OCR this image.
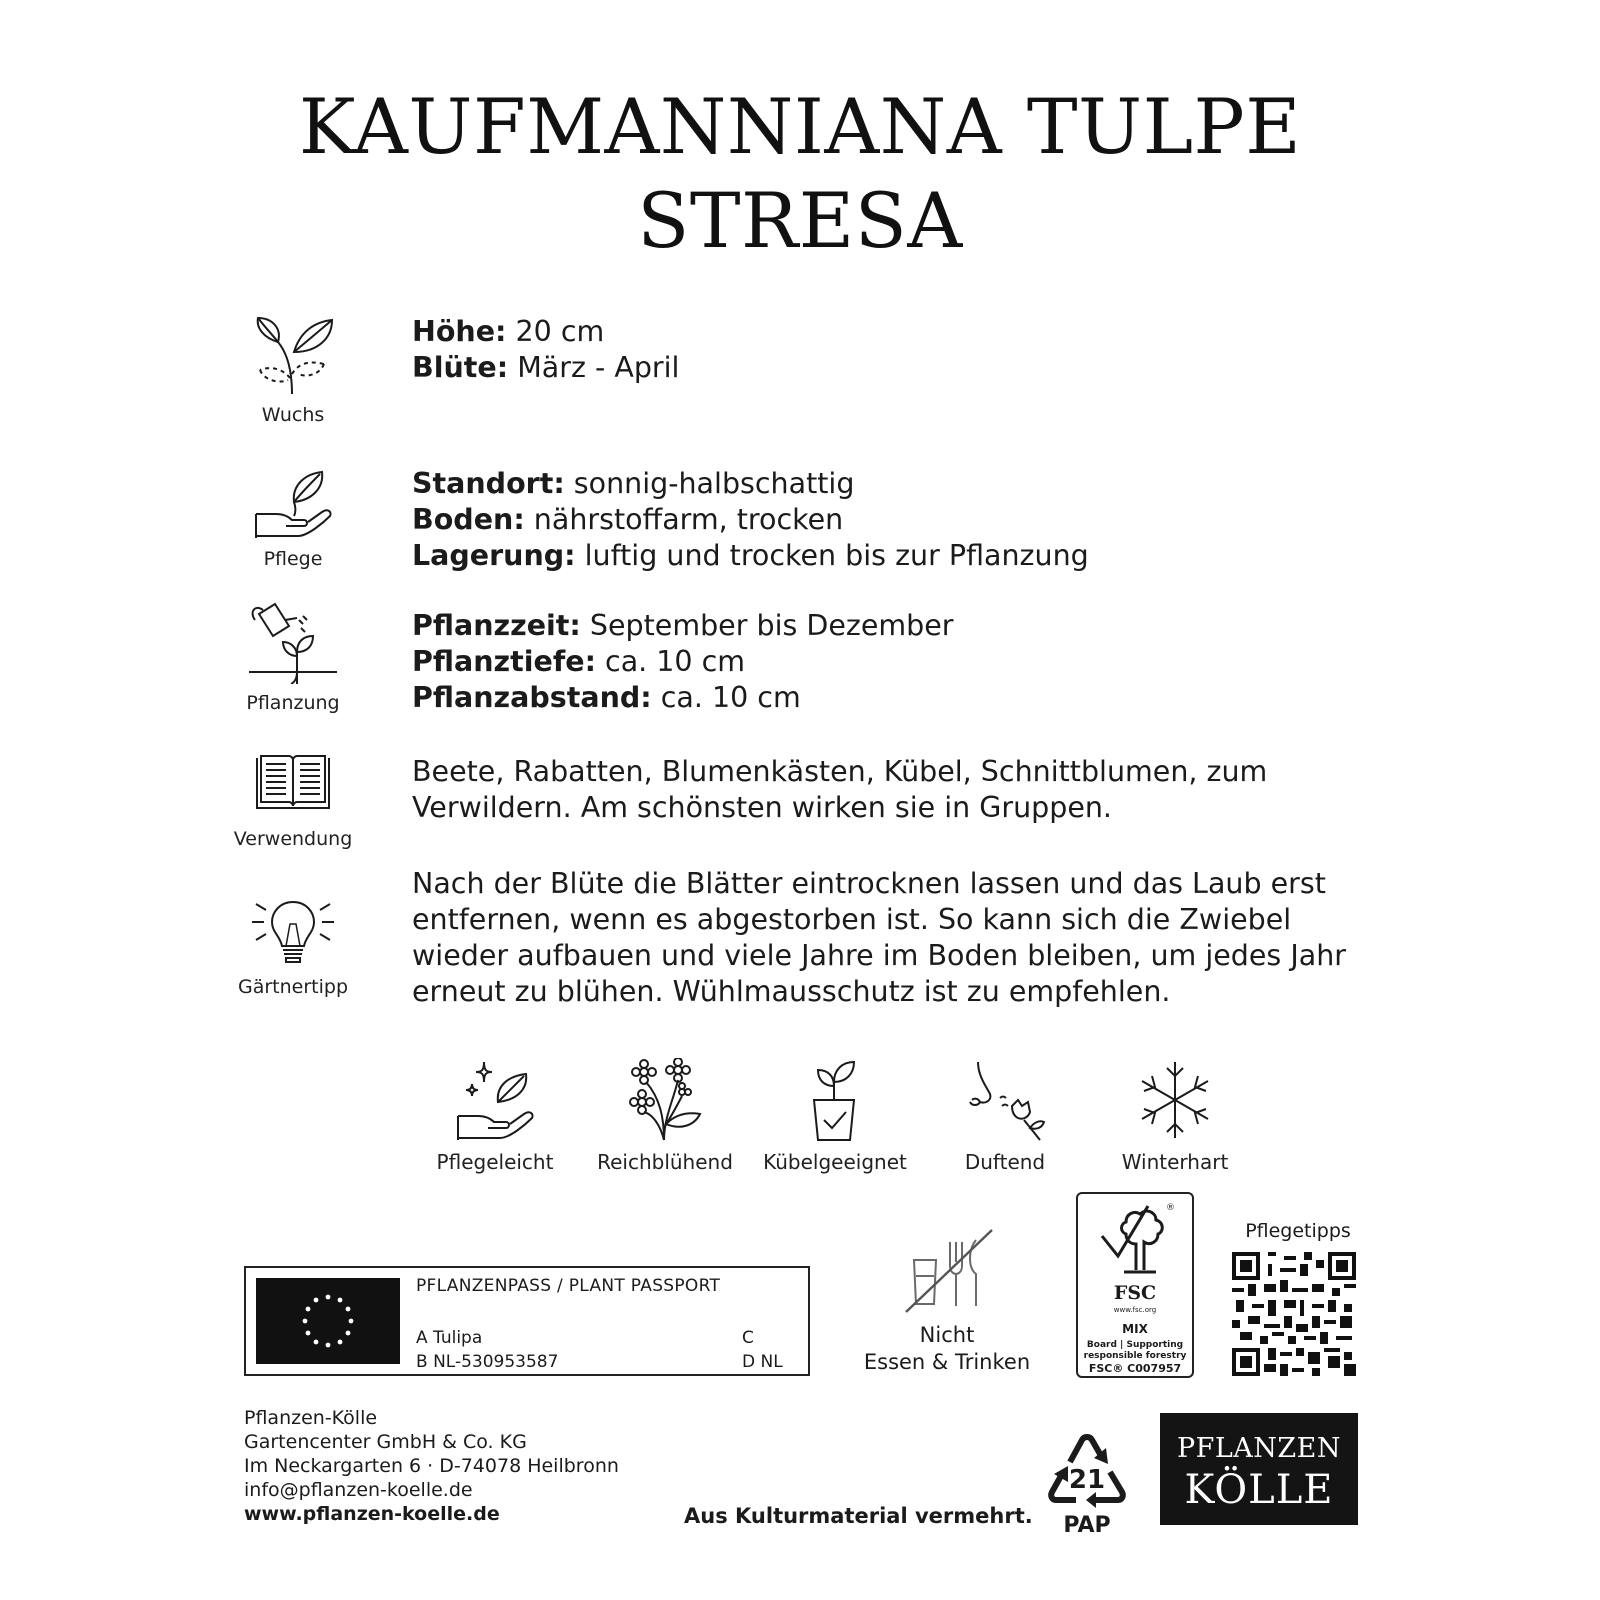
KAUFMANNIANA TULPE
STRESA
Wuchs
Höhe: 20 cm
Blüte: März - April
Pflege
Standort: sonnig-halbschattig
Boden: nährstoffarm, trocken
Lagerung: luftig und trocken bis zur Pflanzung
Pflanzung
Pflanzzeit: September bis Dezember
Pflanztiefe: ca. 10 cm
Pflanzabstand: ca. 10 cm
Verwendung
Beete, Rabatten, Blumenkästen, Kübel, Schnittblumen, zum
Verwildern. Am schönsten wirken sie in Gruppen.
Gärtnertipp
Nach der Blüte die Blätter eintrocknen lassen und das Laub erst
entfernen, wenn es abgestorben ist. So kann sich die Zwiebel
wieder aufbauen und viele Jahre im Boden bleiben, um jedes Jahr
erneut zu blühen. Wühlmausschutz ist zu empfehlen.
Pflegeleicht	Reichblühend	Kübelgeeignet	Duftend	Winterhart
PFLANZENPASS / PLANT PASSPORT
A Tulipa
B NL-530953587
C
D NL
Nicht
Essen & Trinken
®
FSC
www.fsc.org
MIX
Board | Supporting
responsible forestry
FSC® C007957
Pflegetipps
Pflanzen-Kölle
Gartencenter GmbH & Co. KG
Im Neckargarten 6 · D-74078 Heilbronn
info@pflanzen-koelle.de
www.pflanzen-koelle.de	Aus Kulturmaterial vermehrt.
21
PAP
PFLANZEN
KÖLLE
